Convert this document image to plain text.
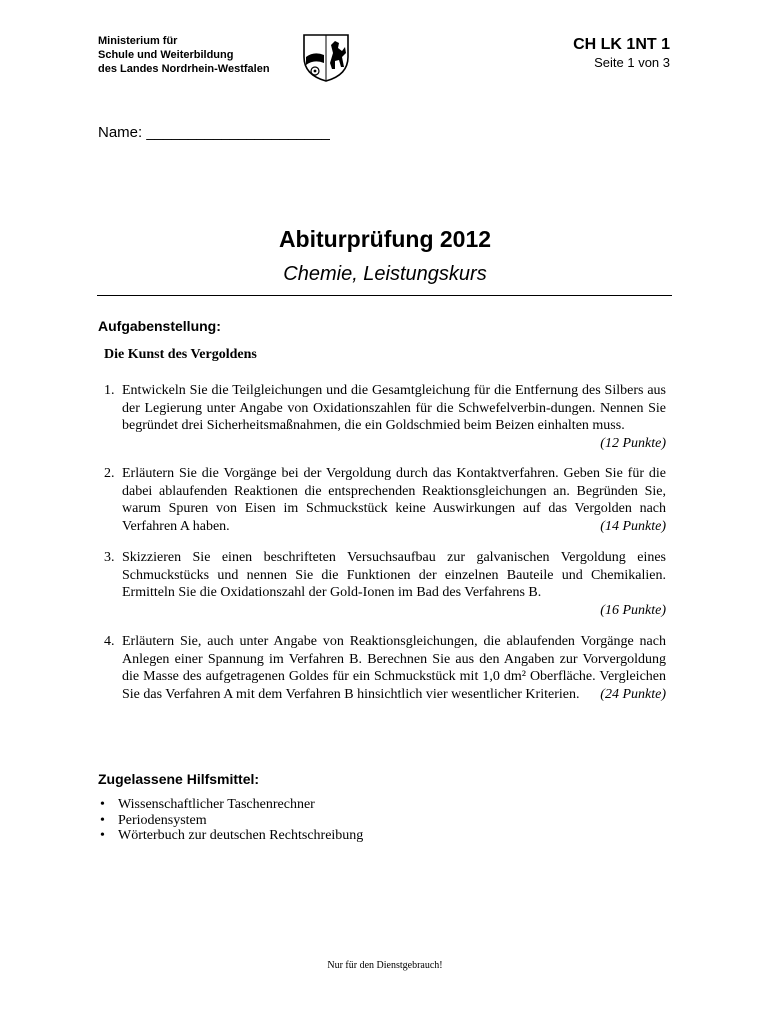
Ministerium für
Schule und Weiterbildung
des Landes Nordrhein-Westfalen
CH LK 1NT 1
Seite 1 von 3
Name: ______________________
Abiturprüfung 2012
Chemie, Leistungskurs
Aufgabenstellung:
Die Kunst des Vergoldens
1. Entwickeln Sie die Teilgleichungen und die Gesamtgleichung für die Entfernung des Silbers aus der Legierung unter Angabe von Oxidationszahlen für die Schwefelverbin-dungen. Nennen Sie begründet drei Sicherheitsmaßnahmen, die ein Goldschmied beim Beizen einhalten muss.
(12 Punkte)
2. Erläutern Sie die Vorgänge bei der Vergoldung durch das Kontaktverfahren. Geben Sie für die dabei ablaufenden Reaktionen die entsprechenden Reaktionsgleichungen an. Begründen Sie, warum Spuren von Eisen im Schmuckstück keine Auswirkungen auf das Vergolden nach Verfahren A haben.	(14 Punkte)
3. Skizzieren Sie einen beschrifteten Versuchsaufbau zur galvanischen Vergoldung eines Schmuckstücks und nennen Sie die Funktionen der einzelnen Bauteile und Chemikalien. Ermitteln Sie die Oxidationszahl der Gold-Ionen im Bad des Verfahrens B.
(16 Punkte)
4. Erläutern Sie, auch unter Angabe von Reaktionsgleichungen, die ablaufenden Vorgänge nach Anlegen einer Spannung im Verfahren B. Berechnen Sie aus den Angaben zur Vorvergoldung die Masse des aufgetragenen Goldes für ein Schmuckstück mit 1,0 dm² Oberfläche. Vergleichen Sie das Verfahren A mit dem Verfahren B hinsichtlich vier wesentlicher Kriterien. (24 Punkte)
Zugelassene Hilfsmittel:
• Wissenschaftlicher Taschenrechner
• Periodensystem
• Wörterbuch zur deutschen Rechtschreibung
Nur für den Dienstgebrauch!
